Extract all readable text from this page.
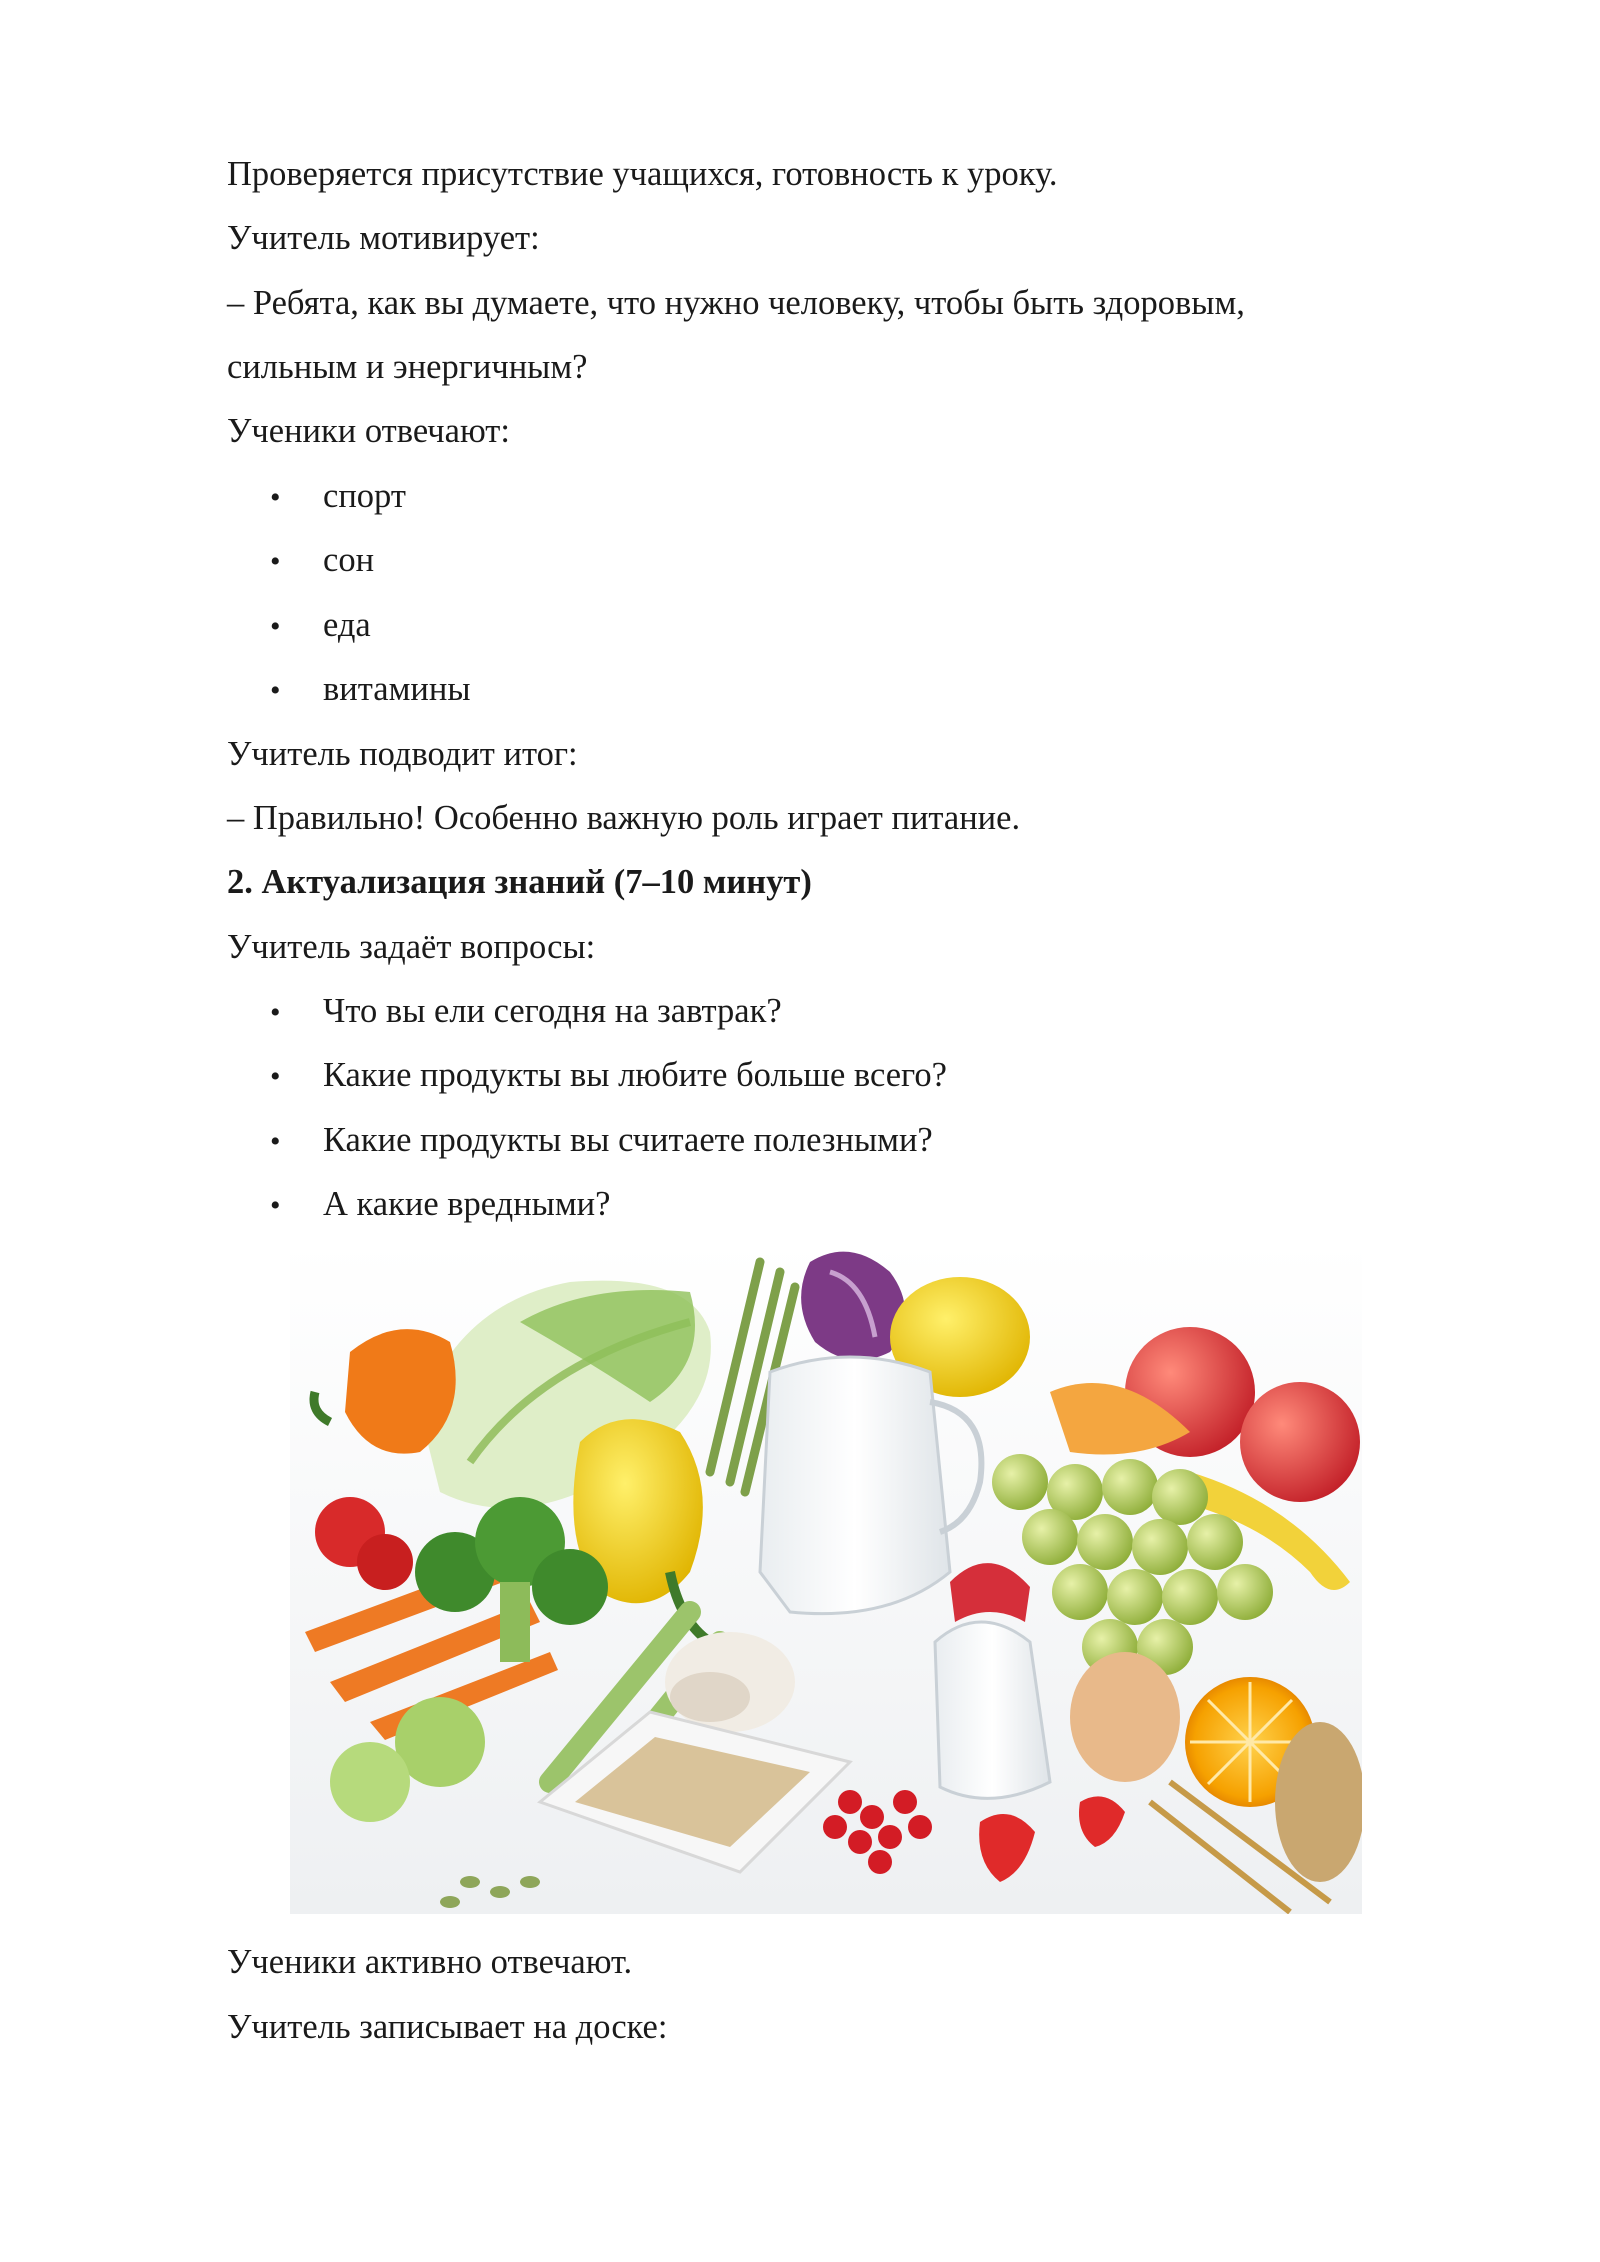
Проверяется присутствие учащихся, готовность к уроку.
Учитель мотивирует:
– Ребята, как вы думаете, что нужно человеку, чтобы быть здоровым,
сильным и энергичным?
Ученики отвечают:
• спорт
• сон
• еда
• витамины
Учитель подводит итог:
– Правильно! Особенно важную роль играет питание.
2. Актуализация знаний (7–10 минут)
Учитель задаёт вопросы:
• Что вы ели сегодня на завтрак?
• Какие продукты вы любите больше всего?
• Какие продукты вы считаете полезными?
• А какие вредными?
Ученики активно отвечают.
Учитель записывает на доске:
